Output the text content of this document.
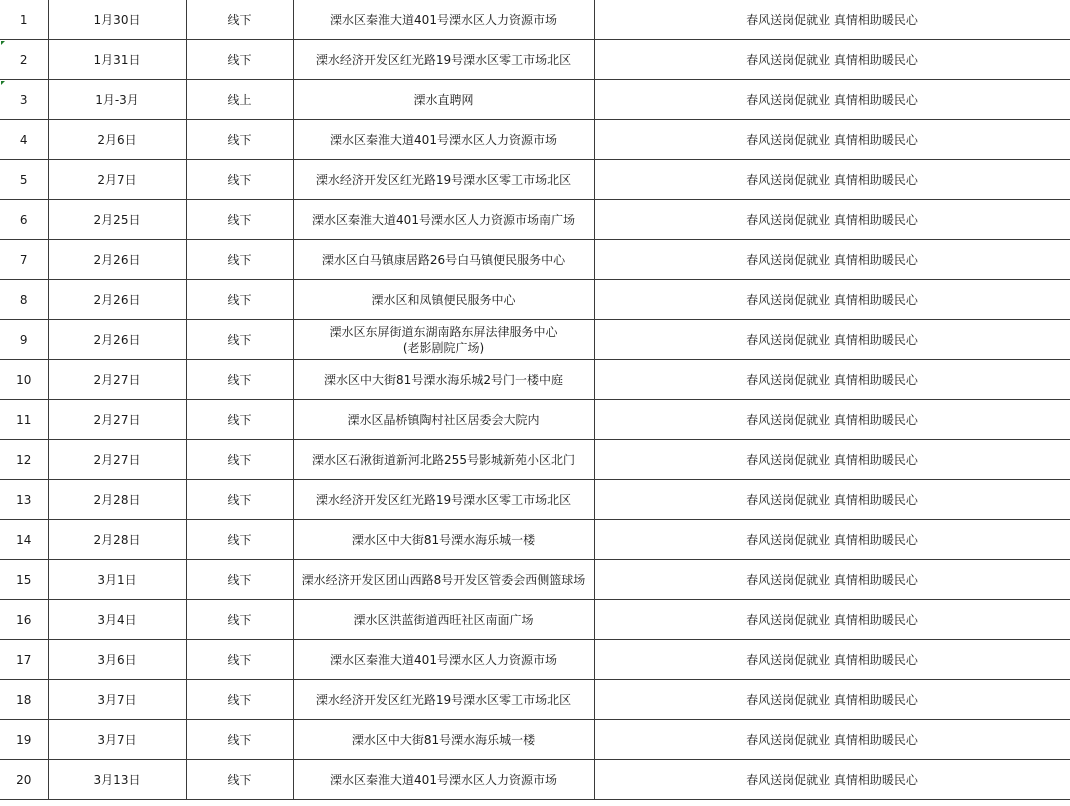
1	1月30日	线下	溧水区秦淮大道401号溧水区人力资源市场	春风送岗促就业 真情相助暖民心
2	1月31日	线下	溧水经济开发区红光路19号溧水区零工市场北区	春风送岗促就业 真情相助暖民心
3	1月-3月	线上	溧水直聘网	春风送岗促就业 真情相助暖民心
4	2月6日	线下	溧水区秦淮大道401号溧水区人力资源市场	春风送岗促就业 真情相助暖民心
5	2月7日	线下	溧水经济开发区红光路19号溧水区零工市场北区	春风送岗促就业 真情相助暖民心
6	2月25日	线下	溧水区秦淮大道401号溧水区人力资源市场南广场	春风送岗促就业 真情相助暖民心
7	2月26日	线下	溧水区白马镇康居路26号白马镇便民服务中心	春风送岗促就业 真情相助暖民心
8	2月26日	线下	溧水区和凤镇便民服务中心	春风送岗促就业 真情相助暖民心
9	2月26日	线下	溧水区东屏街道东湖南路东屏法律服务中心
(老影剧院广场)	春风送岗促就业 真情相助暖民心
10	2月27日	线下	溧水区中大街81号溧水海乐城2号门一楼中庭	春风送岗促就业 真情相助暖民心
11	2月27日	线下	溧水区晶桥镇陶村社区居委会大院内	春风送岗促就业 真情相助暖民心
12	2月27日	线下	溧水区石湫街道新河北路255号影城新苑小区北门	春风送岗促就业 真情相助暖民心
13	2月28日	线下	溧水经济开发区红光路19号溧水区零工市场北区	春风送岗促就业 真情相助暖民心
14	2月28日	线下	溧水区中大街81号溧水海乐城一楼	春风送岗促就业 真情相助暖民心
15	3月1日	线下	溧水经济开发区团山西路8号开发区管委会西侧篮球场	春风送岗促就业 真情相助暖民心
16	3月4日	线下	溧水区洪蓝街道西旺社区南面广场	春风送岗促就业 真情相助暖民心
17	3月6日	线下	溧水区秦淮大道401号溧水区人力资源市场	春风送岗促就业 真情相助暖民心
18	3月7日	线下	溧水经济开发区红光路19号溧水区零工市场北区	春风送岗促就业 真情相助暖民心
19	3月7日	线下	溧水区中大街81号溧水海乐城一楼	春风送岗促就业 真情相助暖民心
20	3月13日	线下	溧水区秦淮大道401号溧水区人力资源市场	春风送岗促就业 真情相助暖民心
